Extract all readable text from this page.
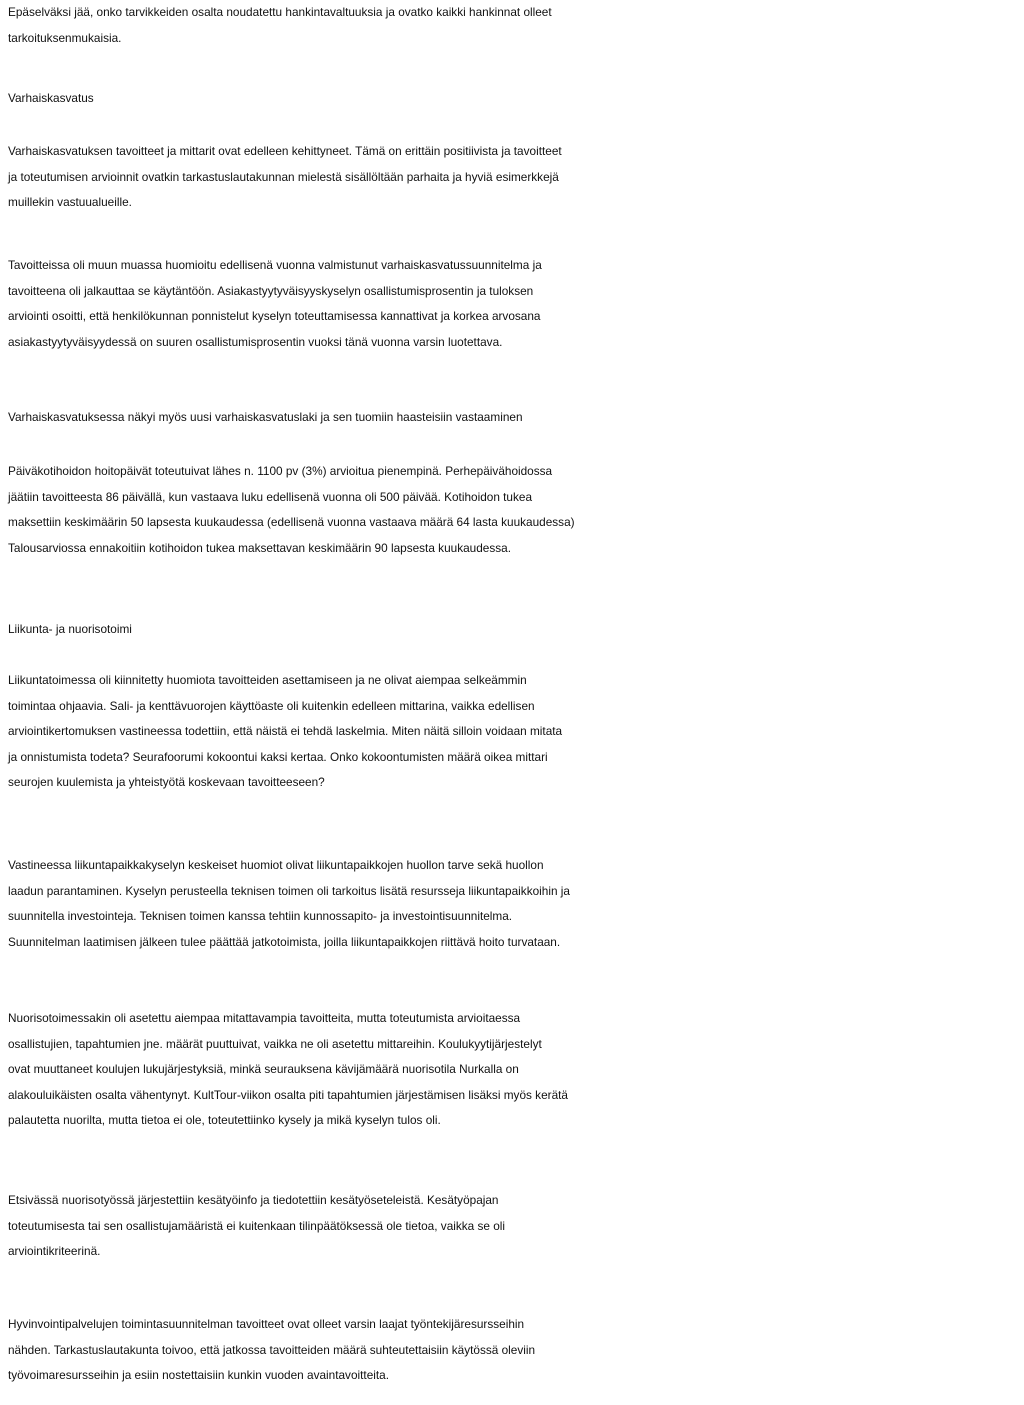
Epäselväksi jää, onko tarvikkeiden osalta noudatettu hankintavaltuuksia ja ovatko kaikki hankinnat olleet
tarkoituksenmukaisia.
Varhaiskasvatus
Varhaiskasvatuksen tavoitteet ja mittarit ovat edelleen kehittyneet. Tämä on erittäin positiivista ja tavoitteet
ja toteutumisen arvioinnit ovatkin tarkastuslautakunnan mielestä sisällöltään parhaita ja hyviä esimerkkejä
muillekin vastuualueille.
Tavoitteissa oli muun muassa huomioitu edellisenä vuonna valmistunut varhaiskasvatussuunnitelma ja
tavoitteena oli jalkauttaa se käytäntöön. Asiakastyytyväisyyskyselyn osallistumisprosentin ja tuloksen
arviointi osoitti, että henkilökunnan ponnistelut kyselyn toteuttamisessa kannattivat ja korkea arvosana
asiakastyytyväisyydessä on suuren osallistumisprosentin vuoksi tänä vuonna varsin luotettava.
Varhaiskasvatuksessa näkyi myös uusi varhaiskasvatuslaki ja sen tuomiin haasteisiin vastaaminen
Päiväkotihoidon hoitopäivät toteutuivat lähes n. 1100 pv (3%) arvioitua pienempinä. Perhepäivähoidossa
jäätiin tavoitteesta 86 päivällä, kun vastaava luku edellisenä vuonna oli 500 päivää. Kotihoidon tukea
maksettiin keskimäärin 50 lapsesta kuukaudessa (edellisenä vuonna vastaava määrä 64 lasta kuukaudessa)
Talousarviossa ennakoitiin kotihoidon tukea maksettavan keskimäärin 90 lapsesta kuukaudessa.
Liikunta- ja nuorisotoimi
Liikuntatoimessa oli kiinnitetty huomiota tavoitteiden asettamiseen ja ne olivat aiempaa selkeämmin
toimintaa ohjaavia. Sali- ja kenttävuorojen käyttöaste oli kuitenkin edelleen mittarina, vaikka edellisen
arviointikertomuksen vastineessa todettiin, että näistä ei tehdä laskelmia. Miten näitä silloin voidaan mitata
ja onnistumista todeta? Seurafoorumi kokoontui kaksi kertaa. Onko kokoontumisten määrä oikea mittari
seurojen kuulemista ja yhteistyötä koskevaan tavoitteeseen?
Vastineessa liikuntapaikkakyselyn keskeiset huomiot olivat liikuntapaikkojen huollon tarve sekä huollon
laadun parantaminen. Kyselyn perusteella teknisen toimen oli tarkoitus lisätä resursseja liikuntapaikkoihin ja
suunnitella investointeja. Teknisen toimen kanssa tehtiin kunnossapito- ja investointisuunnitelma.
Suunnitelman laatimisen jälkeen tulee päättää jatkotoimista, joilla liikuntapaikkojen riittävä hoito turvataan.
Nuorisotoimessakin oli asetettu aiempaa mitattavampia tavoitteita, mutta toteutumista arvioitaessa
osallistujien, tapahtumien jne. määrät puuttuivat, vaikka ne oli asetettu mittareihin. Koulukyytijärjestelyt
ovat muuttaneet koulujen lukujärjestyksiä, minkä seurauksena kävijämäärä nuorisotila Nurkalla on
alakouluikäisten osalta vähentynyt. KultTour-viikon osalta piti tapahtumien järjestämisen lisäksi myös kerätä
palautetta nuorilta, mutta tietoa ei ole, toteutettiinko kysely ja mikä kyselyn tulos oli.
Etsivässä nuorisotyössä järjestettiin kesätyöinfo ja tiedotettiin kesätyöseteleistä. Kesätyöpajan
toteutumisesta tai sen osallistujamääristä ei kuitenkaan tilinpäätöksessä ole tietoa, vaikka se oli
arviointikriteerinä.
Hyvinvointipalvelujen toimintasuunnitelman tavoitteet ovat olleet varsin laajat työntekijäresursseihin
nähden. Tarkastuslautakunta toivoo, että jatkossa tavoitteiden määrä suhteutettaisiin käytössä oleviin
työvoimaresursseihin ja esiin nostettaisiin kunkin vuoden avaintavoitteita.
